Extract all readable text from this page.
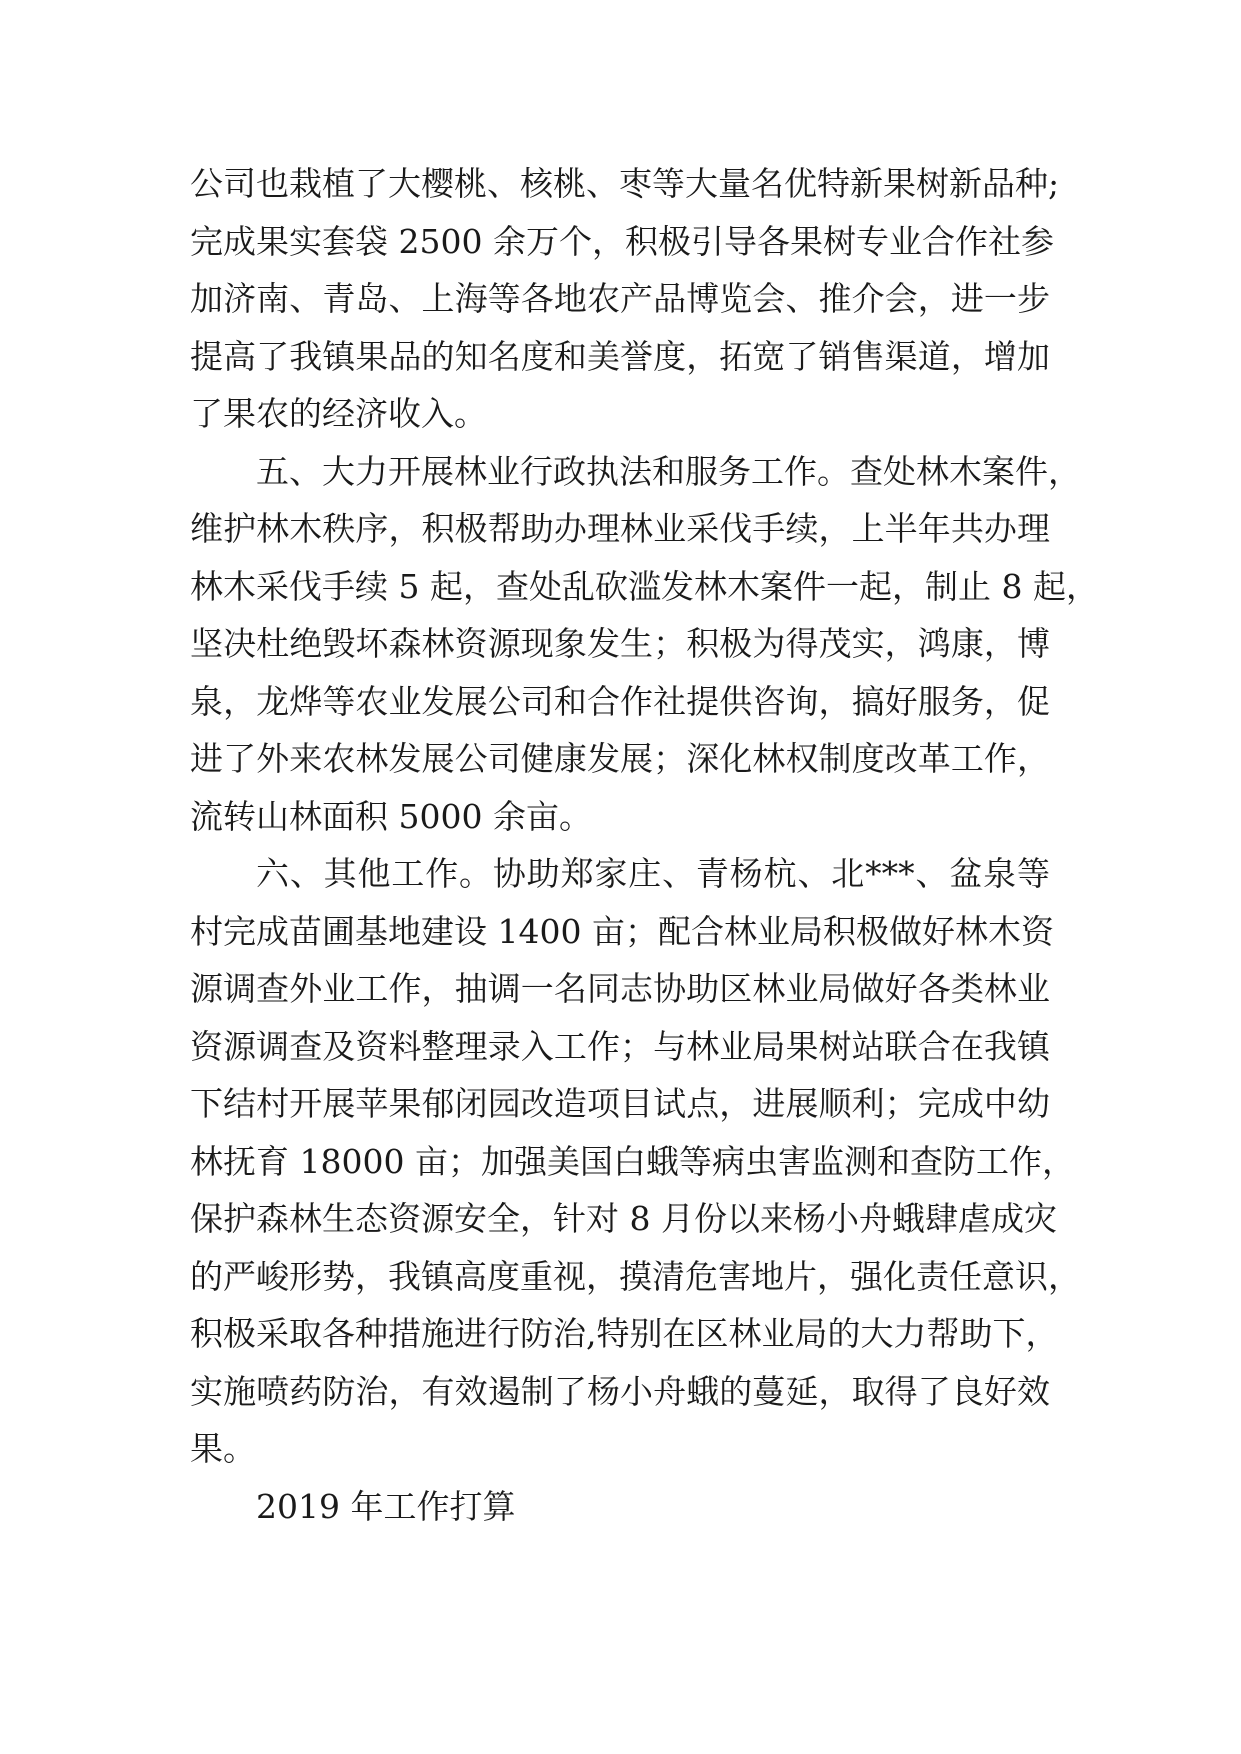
公司也栽植了大樱桃、核桃、枣等大量名优特新果树新品种;
完成果实套袋 2500 余万个，积极引导各果树专业合作社参
加济南、青岛、上海等各地农产品博览会、推介会，进一步
提高了我镇果品的知名度和美誉度，拓宽了销售渠道，增加
了果农的经济收入。
五、大力开展林业行政执法和服务工作。查处林木案件，
维护林木秩序，积极帮助办理林业采伐手续，上半年共办理
林木采伐手续 5 起，查处乱砍滥发林木案件一起，制止 8 起，
坚决杜绝毁坏森林资源现象发生；积极为得茂实，鸿康，博
泉，龙烨等农业发展公司和合作社提供咨询，搞好服务，促
进了外来农林发展公司健康发展；深化林权制度改革工作，
流转山林面积 5000 余亩。
六、其他工作。协助郑家庄、青杨杭、北***、盆泉等
村完成苗圃基地建设 1400 亩；配合林业局积极做好林木资
源调查外业工作，抽调一名同志协助区林业局做好各类林业
资源调查及资料整理录入工作；与林业局果树站联合在我镇
下结村开展苹果郁闭园改造项目试点，进展顺利；完成中幼
林抚育 18000 亩；加强美国白蛾等病虫害监测和查防工作，
保护森林生态资源安全，针对 8 月份以来杨小舟蛾肆虐成灾
的严峻形势，我镇高度重视，摸清危害地片，强化责任意识，
积极采取各种措施进行防治,特别在区林业局的大力帮助下，
实施喷药防治，有效遏制了杨小舟蛾的蔓延，取得了良好效
果。
2019 年工作打算
